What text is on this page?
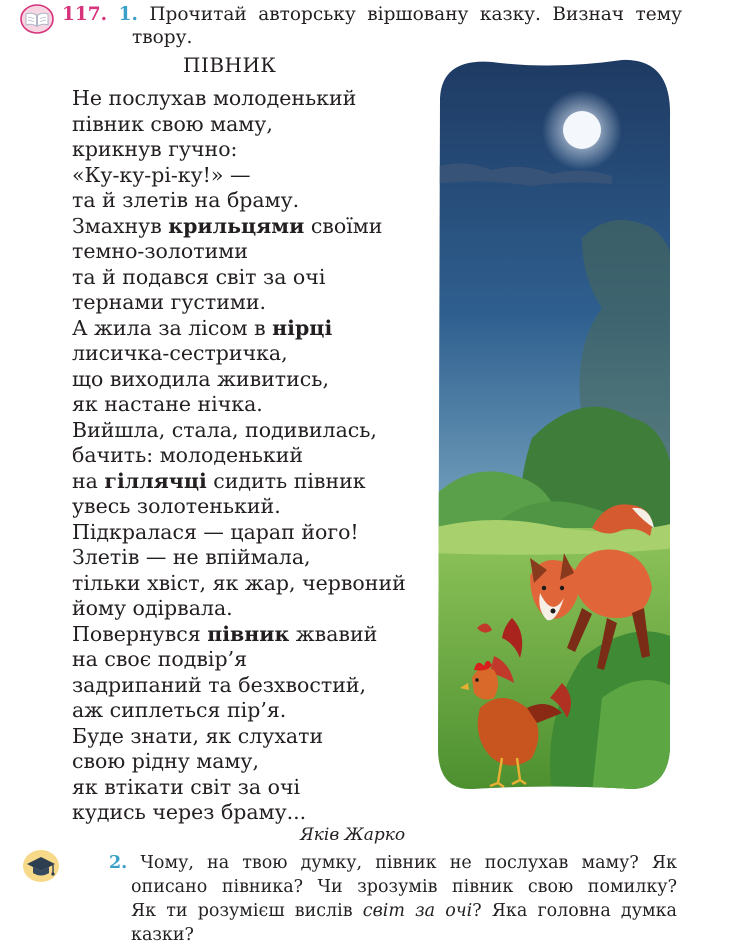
117. 1. Прочитай авторську віршовану казку. Визнач тему
твору.
ПІВНИК
Не послухав молоденький
півник свою маму,
крикнув гучно:
«Ку-ку-рі-ку!» —
та й злетів на браму.
Змахнув крильцями своїми
темно-золотими
та й подався світ за очі
тернами густими.
А жила за лісом в нірці
лисичка-сестричка,
що виходила живитись,
як настане нічка.
Вийшла, стала, подивилась,
бачить: молоденький
на гіллячці сидить півник
увесь золотенький.
Підкралася — царап його!
Злетів — не впіймала,
тільки хвіст, як жар, червоний
йому одірвала.
Повернувся півник жвавий
на своє подвір’я
задрипаний та безхвостий,
аж сиплеться пір’я.
Буде знати, як слухати
свою рідну маму,
як втікати світ за очі
кудись через браму...
Яків Жарко
2. Чому, на твою думку, півник не послухав маму? Як
описано півника? Чи зрозумів півник свою помилку?
Як ти розумієш вислів світ за очі? Яка головна думка
казки?
